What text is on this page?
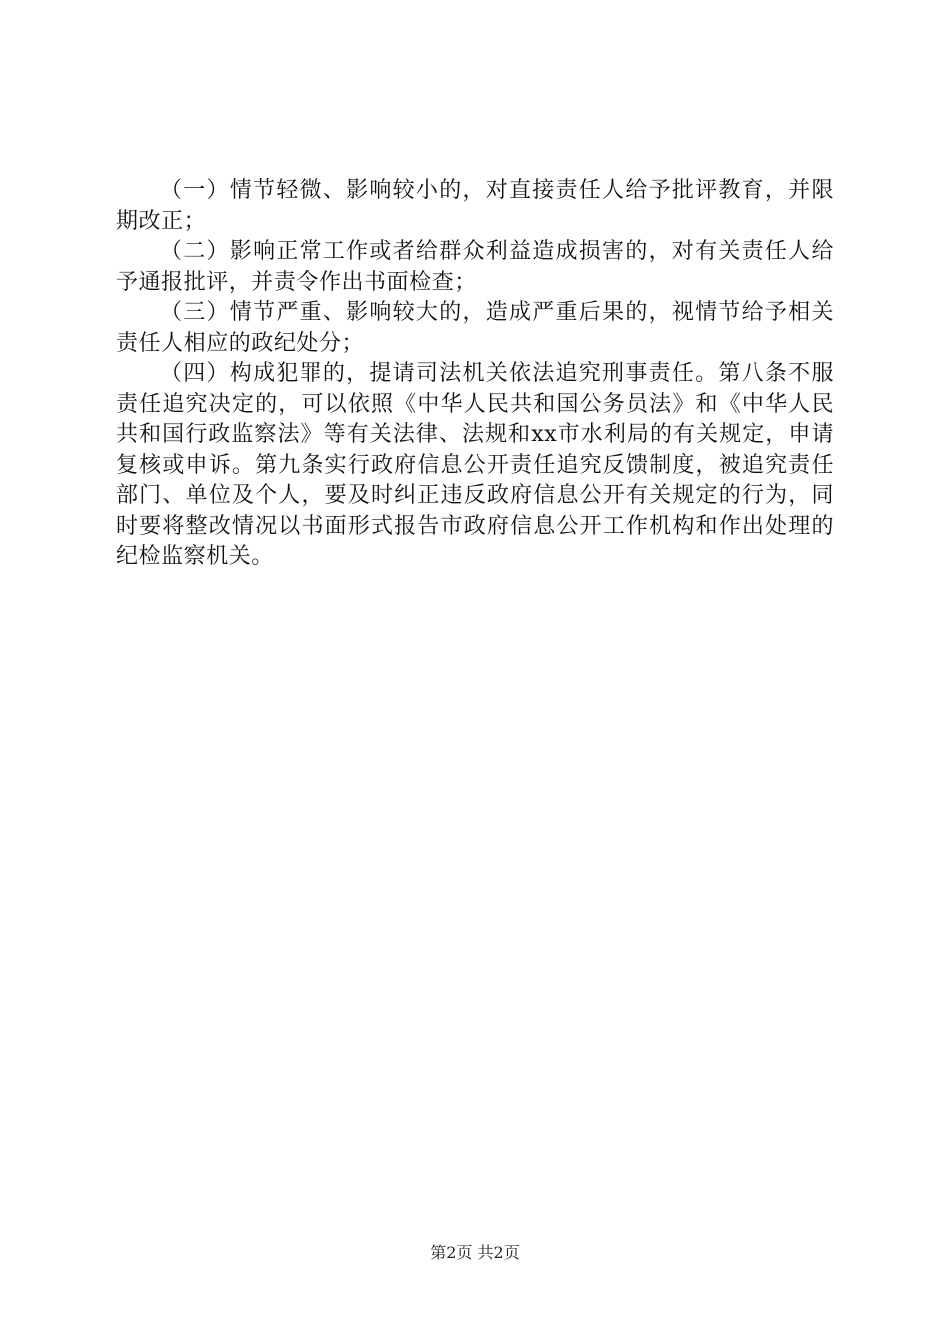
（一）情节轻微、影响较小的，对直接责任人给予批评教育，并限期改正；

（二）影响正常工作或者给群众利益造成损害的，对有关责任人给予通报批评，并责令作出书面检查；

（三）情节严重、影响较大的，造成严重后果的，视情节给予相关责任人相应的政纪处分；

（四）构成犯罪的，提请司法机关依法追究刑事责任。第八条不服责任追究决定的，可以依照《中华人民共和国公务员法》和《中华人民共和国行政监察法》等有关法律、法规和xx市水利局的有关规定，申请复核或申诉。第九条实行政府信息公开责任追究反馈制度，被追究责任部门、单位及个人，要及时纠正违反政府信息公开有关规定的行为，同时要将整改情况以书面形式报告市政府信息公开工作机构和作出处理的纪检监察机关。

第2页 共2页
